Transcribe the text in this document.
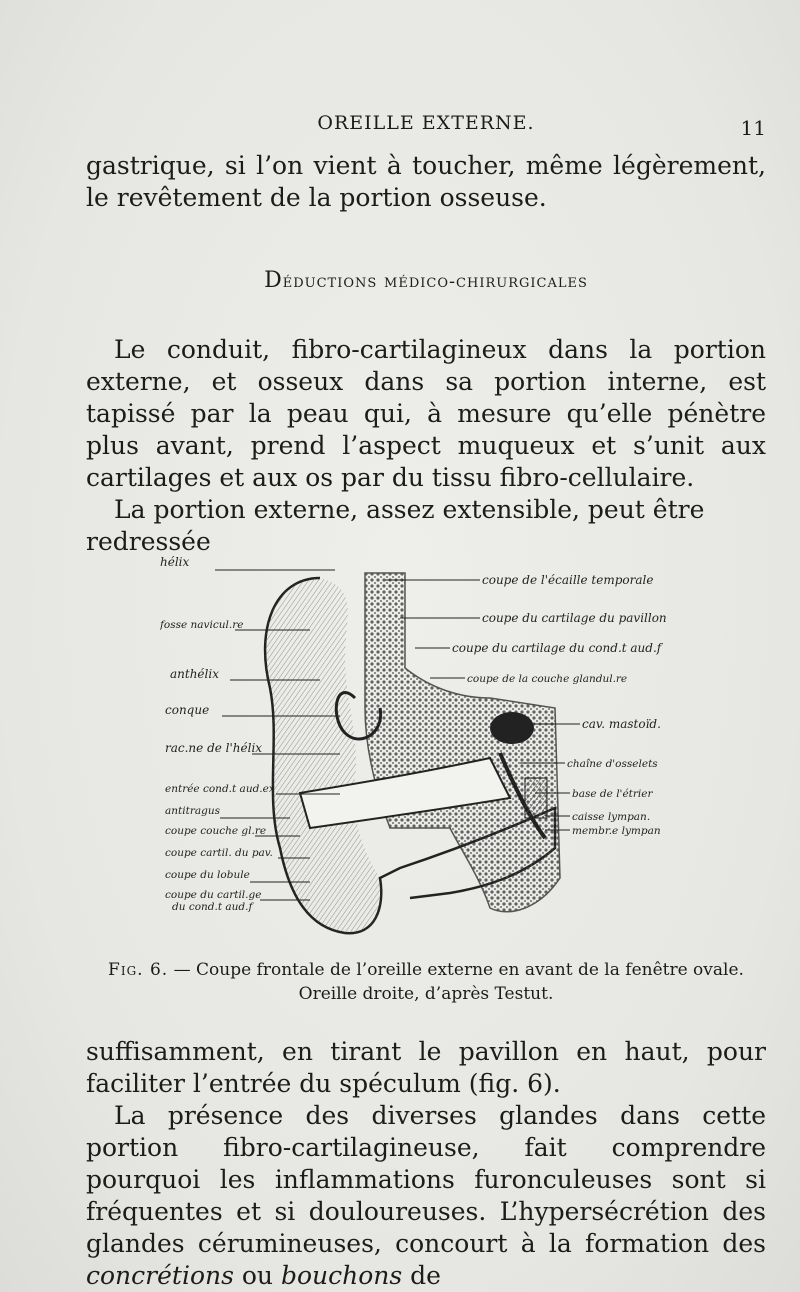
OREILLE EXTERNE.	11

gastrique, si l’on vient à toucher, même légèrement, le revêtement de la portion osseuse.

Déductions médico-chirurgicales

Le conduit, fibro-cartilagineux dans la portion externe, et osseux dans sa portion interne, est tapissé par la peau qui, à mesure qu’elle pénètre plus avant, prend l’aspect muqueux et s’unit aux cartilages et aux os par du tissu fibro-cellulaire.

La portion externe, assez extensible, peut être redressée

hélix
fosse navicul.re
anthélix
conque
rac.ne de l'hélix
entrée cond.t aud.ex
antitragus
coupe couche gl.re
coupe cartil. du pav.
coupe du lobule
coupe du cartil.ge
du cond.t aud.f
coupe de l'écaille temporale
coupe du cartilage du pavillon
coupe du cartilage du cond.t aud.f
coupe de la couche glandul.re
cav. mastoïd.
chaîne d'osselets
base de l'étrier
caisse lympan.
membr.e lympan
Fig. 6. — Coupe frontale de l’oreille externe en avant de la fenêtre ovale.
Oreille droite, d’après Testut.

suffisamment, en tirant le pavillon en haut, pour faciliter l’entrée du spéculum (fig. 6).

La présence des diverses glandes dans cette portion fibro-cartilagineuse, fait comprendre pourquoi les inflammations furonculeuses sont si fréquentes et si douloureuses. L’hypersécrétion des glandes cérumineuses, concourt à la formation des concrétions ou bouchons de
